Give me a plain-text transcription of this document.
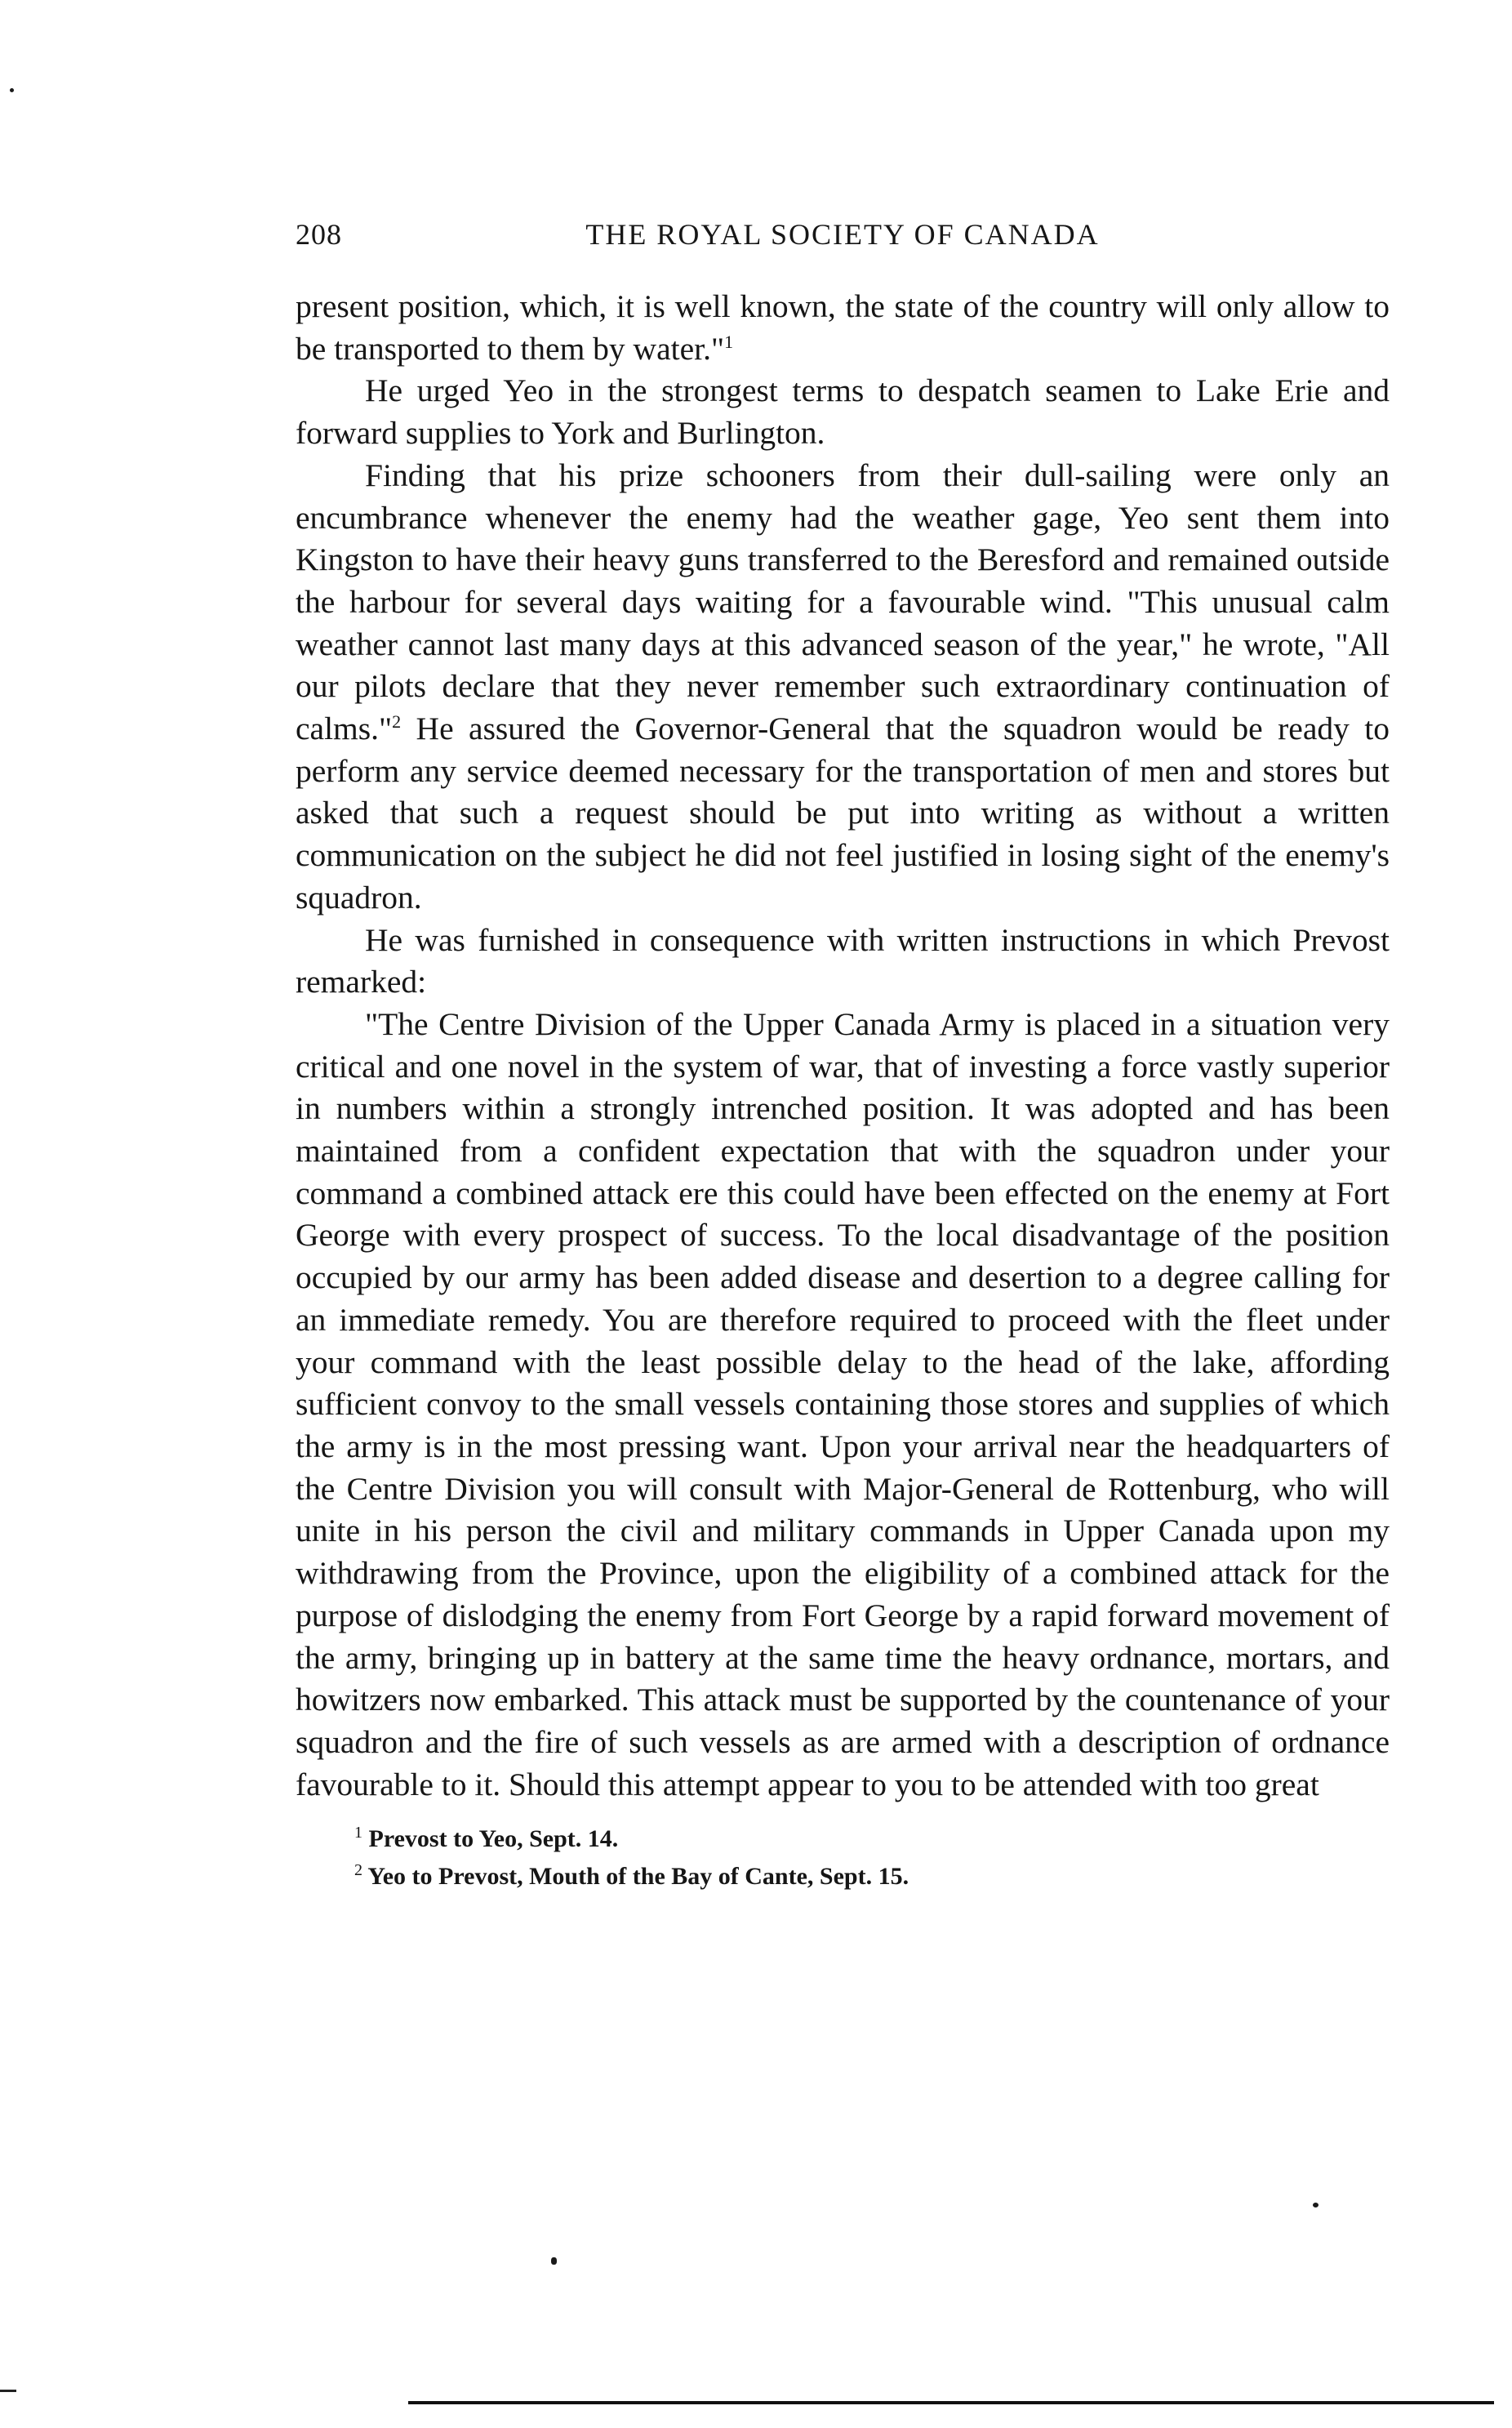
208	THE ROYAL SOCIETY OF CANADA

present position, which, it is well known, the state of the country will only allow to be transported to them by water."$^1$

He urged Yeo in the strongest terms to despatch seamen to Lake Erie and forward supplies to York and Burlington.

Finding that his prize schooners from their dull-sailing were only an encumbrance whenever the enemy had the weather gage, Yeo sent them into Kingston to have their heavy guns transferred to the Beresford and remained outside the harbour for several days waiting for a favourable wind. "This unusual calm weather cannot last many days at this advanced season of the year," he wrote, "All our pilots declare that they never remember such extraordinary continuation of calms."$^2$ He assured the Governor-General that the squadron would be ready to perform any service deemed necessary for the transportation of men and stores but asked that such a request should be put into writing as without a written communication on the subject he did not feel justified in losing sight of the enemy's squadron.

He was furnished in consequence with written instructions in which Prevost remarked:

"The Centre Division of the Upper Canada Army is placed in a situation very critical and one novel in the system of war, that of investing a force vastly superior in numbers within a strongly intrenched position. It was adopted and has been maintained from a confident expectation that with the squadron under your command a combined attack ere this could have been effected on the enemy at Fort George with every prospect of success. To the local disadvantage of the position occupied by our army has been added disease and desertion to a degree calling for an immediate remedy. You are therefore required to proceed with the fleet under your command with the least possible delay to the head of the lake, affording sufficient convoy to the small vessels containing those stores and supplies of which the army is in the most pressing want. Upon your arrival near the headquarters of the Centre Division you will consult with Major-General de Rottenburg, who will unite in his person the civil and military commands in Upper Canada upon my withdrawing from the Province, upon the eligibility of a combined attack for the purpose of dislodging the enemy from Fort George by a rapid forward movement of the army, bringing up in battery at the same time the heavy ordnance, mortars, and howitzers now embarked. This attack must be supported by the countenance of your squadron and the fire of such vessels as are armed with a description of ordnance favourable to it. Should this attempt appear to you to be attended with too great

$^1$ Prevost to Yeo, Sept. 14.

$^2$ Yeo to Prevost, Mouth of the Bay of Cante, Sept. 15.
